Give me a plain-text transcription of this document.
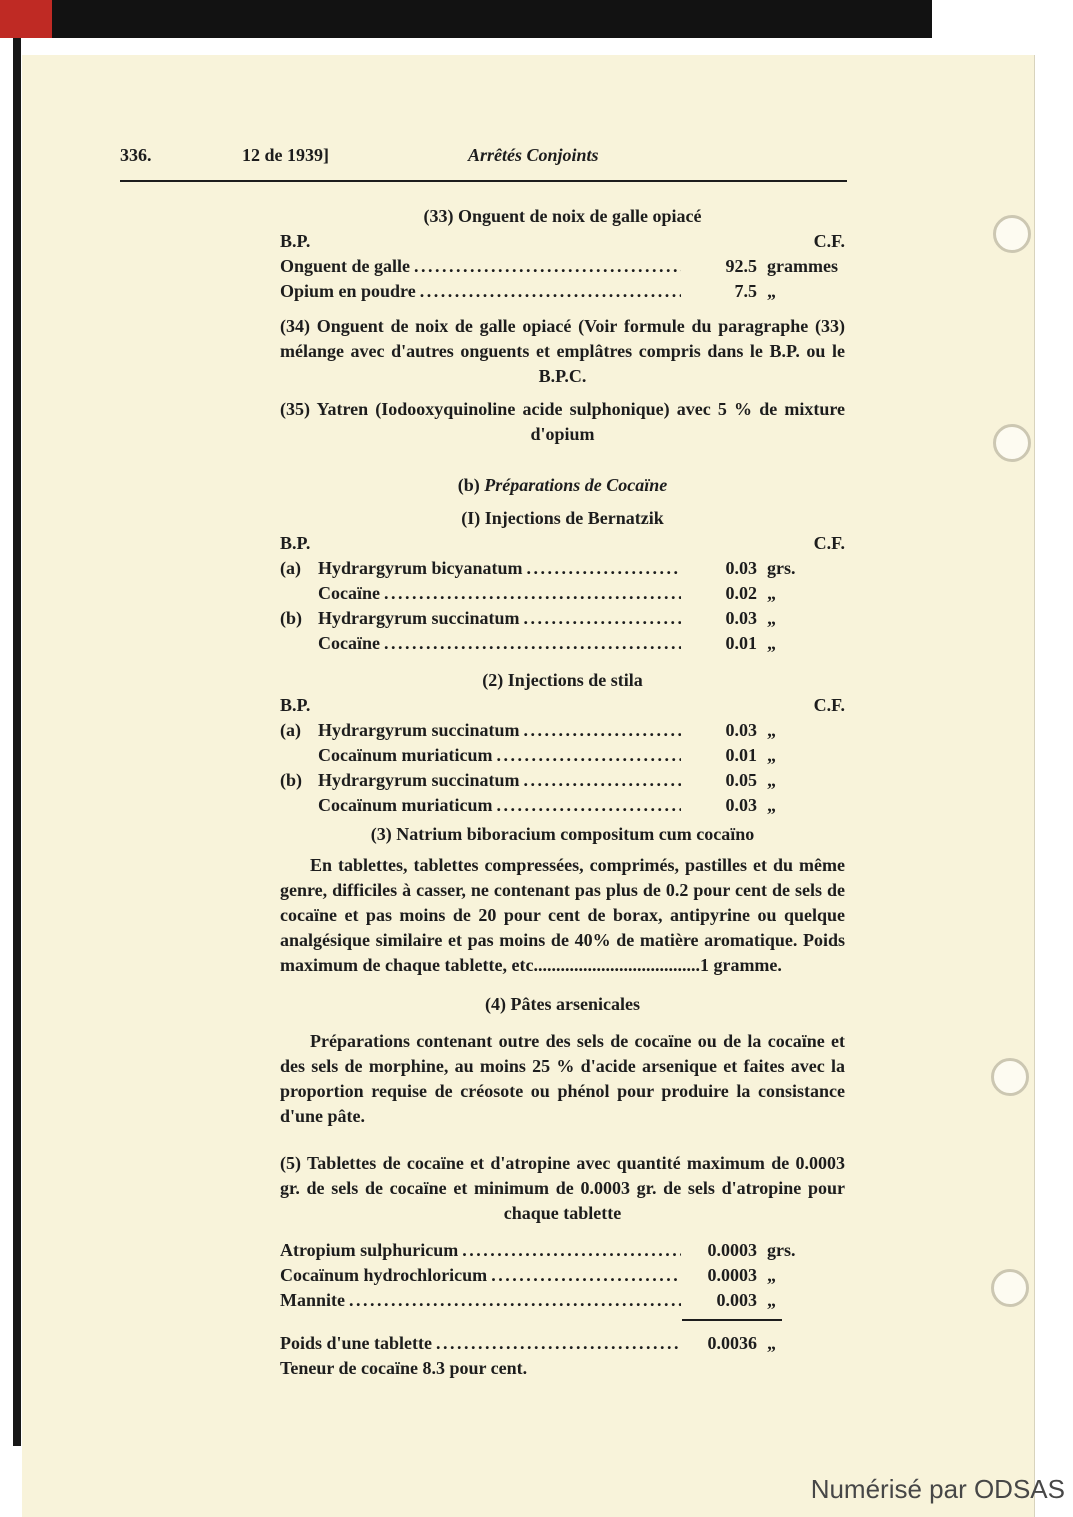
336.	12 de 1939]	Arrêtés Conjoints
(33) Onguent de noix de galle opiacé
B.P.	C.F.
Onguent de galle .....	92.5 grammes
Opium en poudre .....	7.5 „

(34) Onguent de noix de galle opiacé (Voir formule du paragraphe (33) mélange avec d'autres onguents et emplâtres compris dans le B.P. ou le B.P.C.

(35) Yatren (Iodooxyquinoline acide sulphonique) avec 5 % de mixture d'opium

(b) Préparations de Cocaïne
(I) Injections de Bernatzik
B.P.	C.F.
(a) Hydrargyrum bicyanatum .....	0.03 grs.
Cocaïne .....	0.02 „
(b) Hydrargyrum succinatum .....	0.03 „
Cocaïne .....	0.01 „
(2) Injections de stila
B.P.	C.F.
(a) Hydrargyrum succinatum .....	0.03 „
Cocaïnum muriaticum .....	0.01 „
(b) Hydrargyrum succinatum .....	0.05 „
Cocaïnum muriaticum .....	0.03 „
(3) Natrium biboracium compositum cum cocaïno

En tablettes, tablettes compressées, comprimés, pastilles et du même genre, difficiles à casser, ne contenant pas plus de 0.2 pour cent de sels de cocaïne et pas moins de 20 pour cent de borax, antipyrine ou quelque analgésique similaire et pas moins de 40% de matière aromatique. Poids maximum de chaque tablette, etc.....................................1 gramme.

(4) Pâtes arsenicales

Préparations contenant outre des sels de cocaïne ou de la cocaïne et des sels de morphine, au moins 25 % d'acide arsenique et faites avec la proportion requise de créosote ou phénol pour produire la consistance d'une pâte.

(5) Tablettes de cocaïne et d'atropine avec quantité maximum de 0.0003 gr. de sels de cocaïne et minimum de 0.0003 gr. de sels d'atropine pour chaque tablette

Atropium sulphuricum .....	0.0003 grs.
Cocaïnum hydrochloricum .....	0.0003 „
Mannite .....	0.003 „
Poids d'une tablette .....	0.0036 „
Teneur de cocaïne 8.3 pour cent.
Numérisé par ODSAS
